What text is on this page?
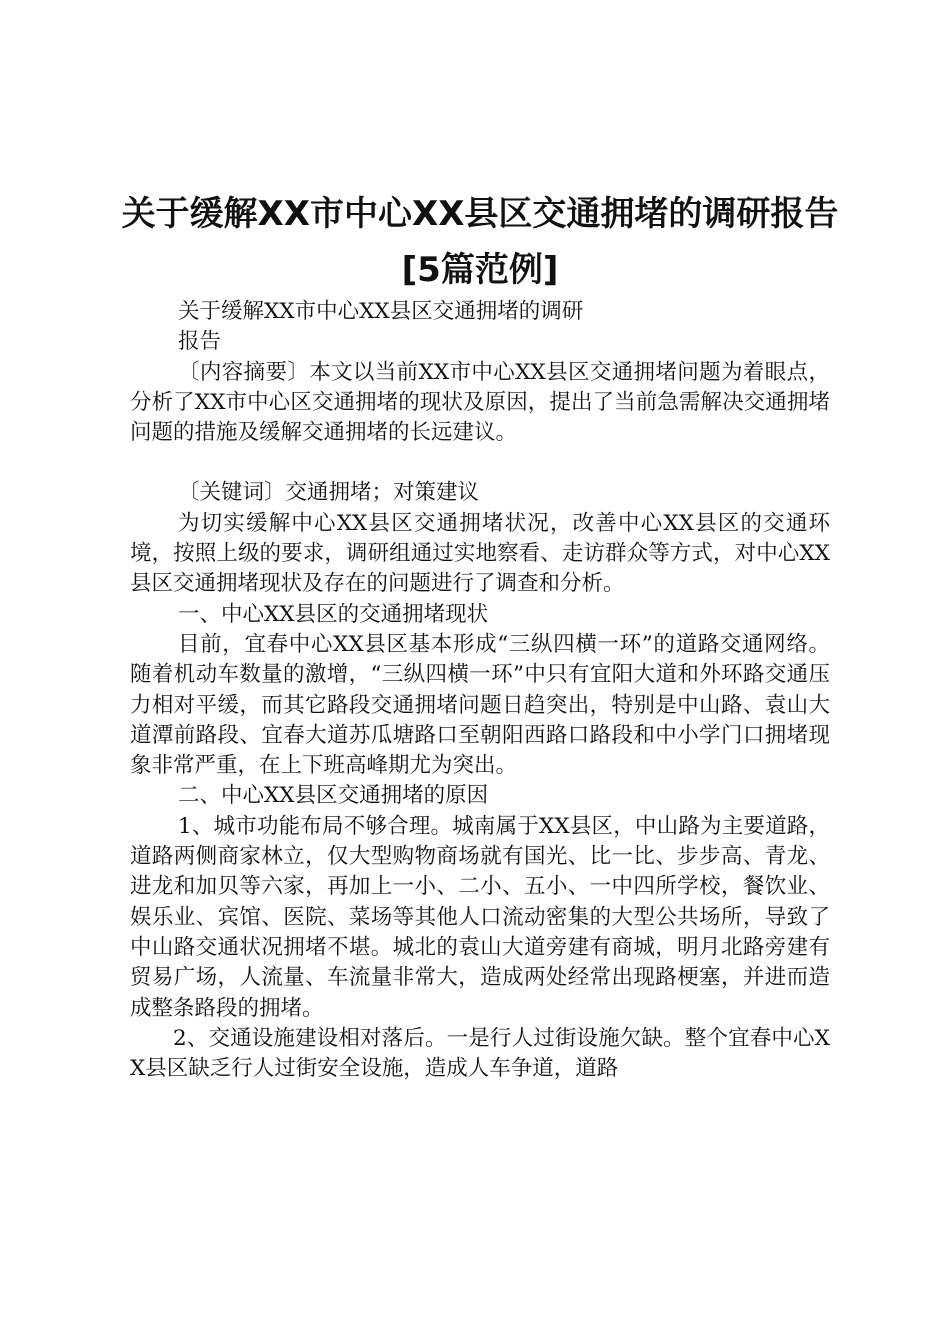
关于缓解XX市中心XX县区交通拥堵的调研报告[5篇范例]

关于缓解XX市中心XX县区交通拥堵的调研

报告

〔内容摘要〕本文以当前XX市中心XX县区交通拥堵问题为着眼点，分析了XX市中心区交通拥堵的现状及原因，提出了当前急需解决交通拥堵问题的措施及缓解交通拥堵的长远建议。

〔关键词〕交通拥堵；对策建议

为切实缓解中心XX县区交通拥堵状况，改善中心XX县区的交通环境，按照上级的要求，调研组通过实地察看、走访群众等方式，对中心XX县区交通拥堵现状及存在的问题进行了调查和分析。

一、中心XX县区的交通拥堵现状

目前，宜春中心XX县区基本形成“三纵四横一环”的道路交通网络。随着机动车数量的激增，“三纵四横一环”中只有宜阳大道和外环路交通压力相对平缓，而其它路段交通拥堵问题日趋突出，特别是中山路、袁山大道潭前路段、宜春大道苏瓜塘路口至朝阳西路口路段和中小学门口拥堵现象非常严重，在上下班高峰期尤为突出。

二、中心XX县区交通拥堵的原因

1、城市功能布局不够合理。城南属于XX县区，中山路为主要道路，道路两侧商家林立，仅大型购物商场就有国光、比一比、步步高、青龙、进龙和加贝等六家，再加上一小、二小、五小、一中四所学校，餐饮业、娱乐业、宾馆、医院、菜场等其他人口流动密集的大型公共场所，导致了中山路交通状况拥堵不堪。城北的袁山大道旁建有商城，明月北路旁建有贸易广场，人流量、车流量非常大，造成两处经常出现路梗塞，并进而造成整条路段的拥堵。

2、交通设施建设相对落后。一是行人过街设施欠缺。整个宜春中心XX县区缺乏行人过街安全设施，造成人车争道，道路
